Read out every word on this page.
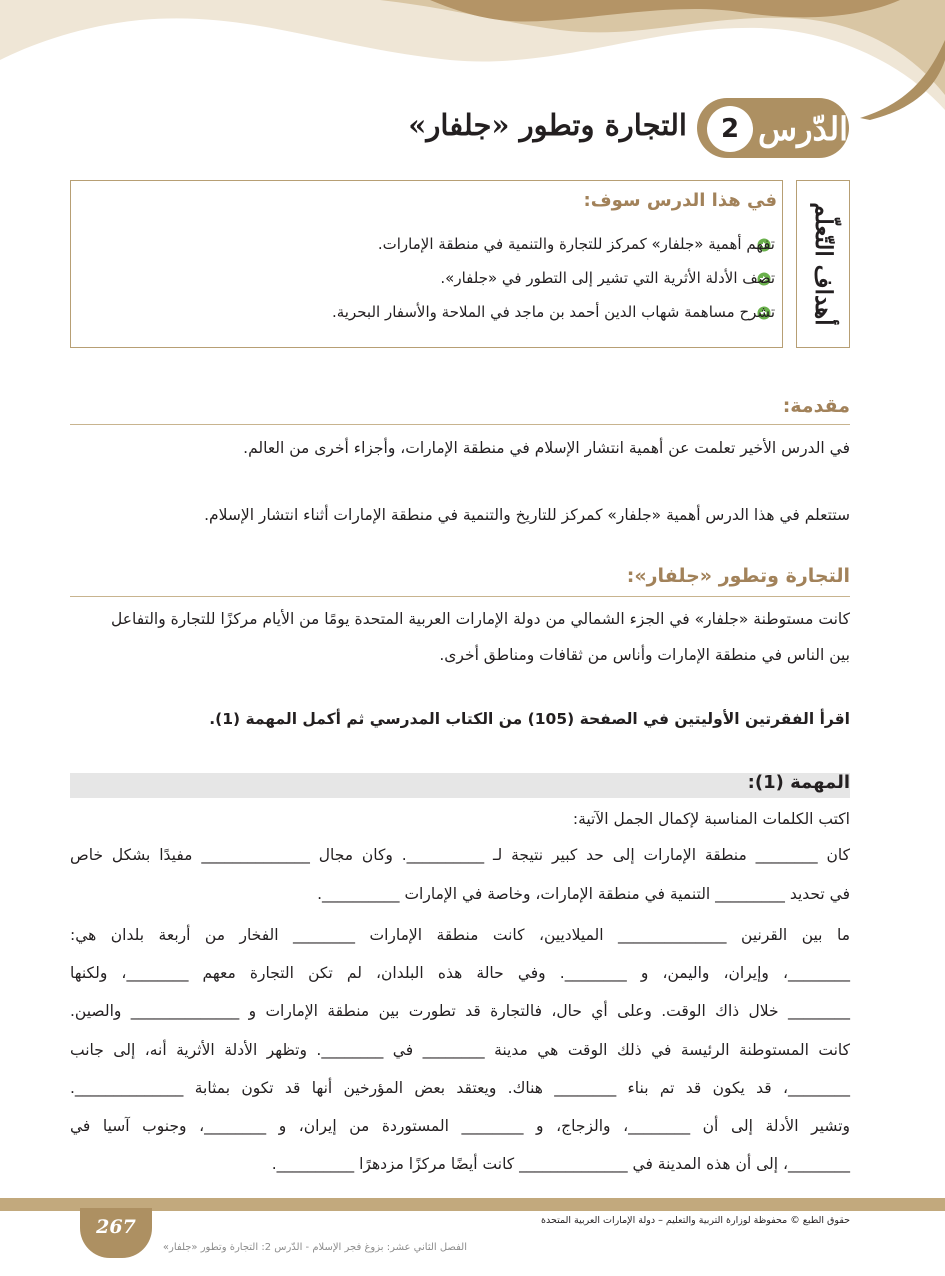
2 الدّرس
التجارة وتطور «جلفار»
أهداف التّعلّم
في هذا الدرس سوف:
تفهم أهمية «جلفار» كمركز للتجارة والتنمية في منطقة الإمارات.
تصف الأدلة الأثرية التي تشير إلى التطور في «جلفار».
تشرح مساهمة شهاب الدين أحمد بن ماجد في الملاحة والأسفار البحرية.
مقدمة:
في الدرس الأخير تعلمت عن أهمية انتشار الإسلام في منطقة الإمارات، وأجزاء أخرى من العالم.
ستتعلم في هذا الدرس أهمية «جلفار» كمركز للتاريخ والتنمية في منطقة الإمارات أثناء انتشار الإسلام.
التجارة وتطور «جلفار»:
كانت مستوطنة «جلفار» في الجزء الشمالي من دولة الإمارات العربية المتحدة يومًا من الأيام مركزًا للتجارة والتفاعل
بين الناس في منطقة الإمارات وأناس من ثقافات ومناطق أخرى.
اقرأ الفقرتين الأوليتين في الصفحة (105) من الكتاب المدرسي ثم أكمل المهمة (1).
المهمة (1):
اكتب الكلمات المناسبة لإكمال الجمل الآتية:
كان ________ منطقة الإمارات إلى حد كبير نتيجة لـ __________. وكان مجال ______________ مفيدًا بشكل خاص
في تحديد _________ التنمية في منطقة الإمارات، وخاصة في الإمارات __________.
ما بين القرنين ______________ الميلاديين، كانت منطقة الإمارات ________ الفخار من أربعة بلدان هي:
________، وإيران، واليمن، و ________. وفي حالة هذه البلدان، لم تكن التجارة معهم ________، ولكنها
________ خلال ذاك الوقت. وعلى أي حال، فالتجارة قد تطورت بين منطقة الإمارات و ______________ والصين.
كانت المستوطنة الرئيسة في ذلك الوقت هي مدينة ________ في ________. وتظهر الأدلة الأثرية أنه، إلى جانب
________، قد يكون قد تم بناء ________ هناك. ويعتقد بعض المؤرخين أنها قد تكون بمثابة ______________.
وتشير الأدلة إلى أن ________، والزجاج، و ________ المستوردة من إيران، و ________، وجنوب آسيا في
________، إلى أن هذه المدينة في ______________ كانت أيضًا مركزًا مزدهرًا __________.
267	حقوق الطبع © محفوظة لوزارة التربية والتعليم – دولة الإمارات العربية المتحدة
الفصل الثاني عشر: بزوغ فجر الإسلام - الدّرس 2: التجارة وتطور «جلفار»
